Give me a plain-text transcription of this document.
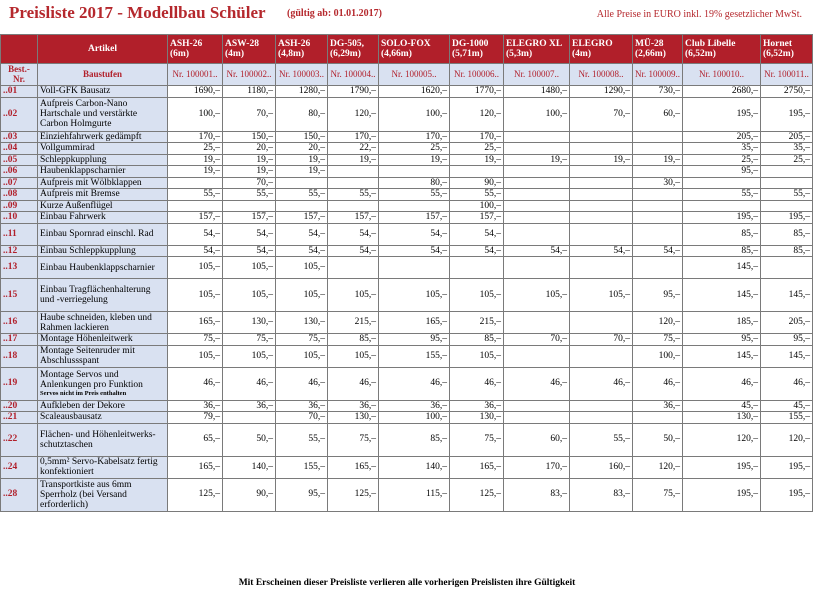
Preisliste 2017 - Modellbau Schüler (gültig ab: 01.01.2017)	Alle Preise in EURO inkl. 19% gesetzlicher MwSt.
	Artikel	ASH-26 (6m)	ASW-28 (4m)	ASH-26 (4,8m)	DG-505, (6,29m)	SOLO-FOX (4,66m)	DG-1000 (5,71m)	ELEGRO XL (5,3m)	ELEGRO (4m)	MÜ-28 (2,66m)	Club Libelle (6,52m)	Hornet (6,52m)
Best.-Nr.	Baustufen	Nr. 100001..	Nr. 100002..	Nr. 100003..	Nr. 100004..	Nr. 100005..	Nr. 100006..	Nr. 100007..	Nr. 100008..	Nr. 100009..	Nr. 100010..	Nr. 100011..
..01	Voll-GFK Bausatz	1690,–	1180,–	1280,–	1790,–	1620,–	1770,–	1480,–	1290,–	730,–	2680,–	2750,–
..02	Aufpreis Carbon-Nano Hartschale und verstärkte Carbon Holmgurte	100,–	70,–	80,–	120,–	100,–	120,–	100,–	70,–	60,–	195,–	195,–
..03	Einziehfahrwerk gedämpft	170,–	150,–	150,–	170,–	170,–	170,–				205,–	205,–
..04	Vollgummirad	25,–	20,–	20,–	22,–	25,–	25,–				35,–	35,–
..05	Schleppkupplung	19,–	19,–	19,–	19,–	19,–	19,–	19,–	19,–	19,–	25,–	25,–
..06	Haubenklappscharnier	19,–	19,–	19,–							95,–	
..07	Aufpreis mit Wölbklappen		70,–			80,–	90,–			30,–		
..08	Aufpreis mit Bremse	55,–	55,–	55,–	55,–	55,–	55,–				55,–	55,–
..09	Kurze Außenflügel						100,–					
..10	Einbau Fahrwerk	157,–	157,–	157,–	157,–	157,–	157,–				195,–	195,–
..11	Einbau Spornrad einschl. Rad	54,–	54,–	54,–	54,–	54,–	54,–				85,–	85,–
..12	Einbau Schleppkupplung	54,–	54,–	54,–	54,–	54,–	54,–	54,–	54,–	54,–	85,–	85,–
..13	Einbau Haubenklappscharnier	105,–	105,–	105,–							145,–	
..15	Einbau Tragflächenhalterung und -verriegelung	105,–	105,–	105,–	105,–	105,–	105,–	105,–	105,–	95,–	145,–	145,–
..16	Haube schneiden, kleben und Rahmen lackieren	165,–	130,–	130,–	215,–	165,–	215,–			120,–	185,–	205,–
..17	Montage Höhenleitwerk	75,–	75,–	75,–	85,–	95,–	85,–	70,–	70,–	75,–	95,–	95,–
..18	Montage Seitenruder mit Abschlussspant	105,–	105,–	105,–	105,–	155,–	105,–			100,–	145,–	145,–
..19	Montage Servos und Anlenkungen pro Funktion
Servos nicht im Preis enthalten	46,–	46,–	46,–	46,–	46,–	46,–	46,–	46,–	46,–	46,–	46,–
..20	Aufkleben der Dekore	36,–	36,–	36,–	36,–	36,–	36,–			36,–	45,–	45,–
..21	Scaleausbausatz	79,–		70,–	130,–	100,–	130,–				130,–	155,–
..22	Flächen- und Höhenleitwerks-schutztaschen	65,–	50,–	55,–	75,–	85,–	75,–	60,–	55,–	50,–	120,–	120,–
..24	0,5mm² Servo-Kabelsatz fertig konfektioniert	165,–	140,–	155,–	165,–	140,–	165,–	170,–	160,–	120,–	195,–	195,–
..28	Transportkiste aus 6mm Sperrholz (bei Versand erforderlich)	125,–	90,–	95,–	125,–	115,–	125,–	83,–	83,–	75,–	195,–	195,–
Mit Erscheinen dieser Preisliste verlieren alle vorherigen Preislisten ihre Gültigkeit
